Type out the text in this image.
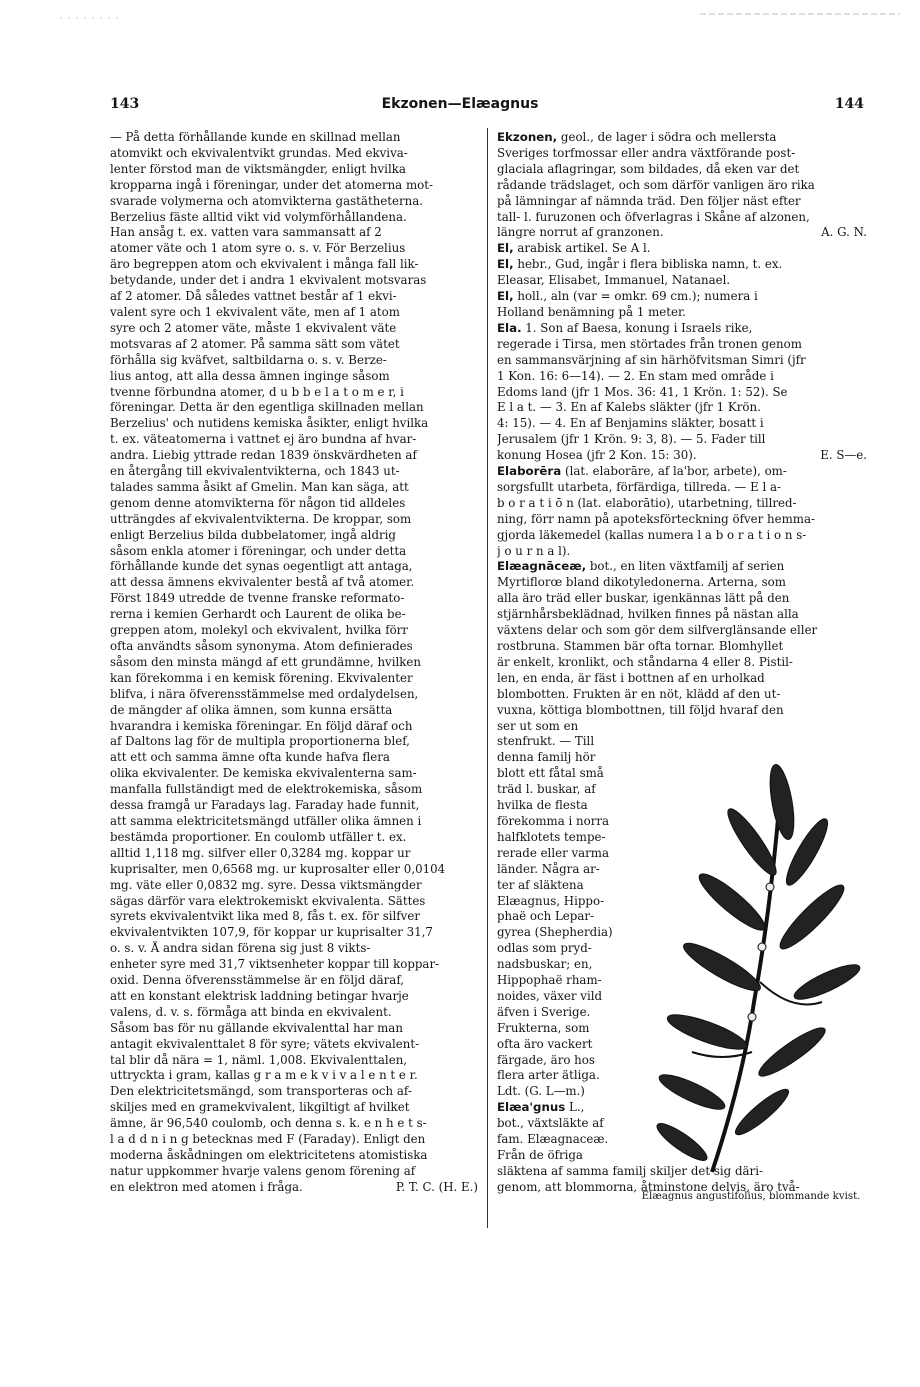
143	Ekzonen—Elæagnus	144
— På detta förhållande kunde en skillnad mellan
atomvikt och ekvivalentvikt grundas. Med ekviva-
lenter förstod man de viktsmängder, enligt hvilka
kropparna ingå i föreningar, under det atomerna mot-
svarade volymerna och atomvikterna gastätheterna.
Berzelius fäste alltid vikt vid volymförhållandena.
Han ansåg t. ex. vatten vara sammansatt af 2
atomer väte och 1 atom syre o. s. v. För Berzelius
äro begreppen atom och ekvivalent i många fall lik-
betydande, under det i andra 1 ekvivalent motsvaras
af 2 atomer. Då således vattnet består af 1 ekvi-
valent syre och 1 ekvivalent väte, men af 1 atom
syre och 2 atomer väte, måste 1 ekvivalent väte
motsvaras af 2 atomer. På samma sätt som vätet
förhålla sig kväfvet, saltbildarna o. s. v. Berze-
lius antog, att alla dessa ämnen inginge såsom
tvenne förbundna atomer, d u b b e l a t o m e r, i
föreningar. Detta är den egentliga skillnaden mellan
Berzelius' och nutidens kemiska åsikter, enligt hvilka
t. ex. väteatomerna i vattnet ej äro bundna af hvar-
andra. Liebig yttrade redan 1839 önskvärdheten af
en återgång till ekvivalentvikterna, och 1843 ut-
talades samma åsikt af Gmelin. Man kan säga, att
genom denne atomvikterna för någon tid alldeles
utträngdes af ekvivalentvikterna. De kroppar, som
enligt Berzelius bilda dubbelatomer, ingå aldrig
såsom enkla atomer i föreningar, och under detta
förhållande kunde det synas oegentligt att antaga,
att dessa ämnens ekvivalenter bestå af två atomer.
Först 1849 utredde de tvenne franske reformato-
rerna i kemien Gerhardt och Laurent de olika be-
greppen atom, molekyl och ekvivalent, hvilka förr
ofta användts såsom synonyma. Atom definierades
såsom den minsta mängd af ett grundämne, hvilken
kan förekomma i en kemisk förening. Ekvivalenter
blifva, i nära öfverensstämmelse med ordalydelsen,
de mängder af olika ämnen, som kunna ersätta
hvarandra i kemiska föreningar. En följd däraf och
af Daltons lag för de multipla proportionerna blef,
att ett och samma ämne ofta kunde hafva flera
olika ekvivalenter. De kemiska ekvivalenterna sam-
manfalla fullständigt med de elektrokemiska, såsom
dessa framgå ur Faradays lag. Faraday hade funnit,
att samma elektricitetsmängd utfäller olika ämnen i
bestämda proportioner. En coulomb utfäller t. ex.
alltid 1,118 mg. silfver eller 0,3284 mg. koppar ur
kuprisalter, men 0,6568 mg. ur kuprosalter eller 0,0104
mg. väte eller 0,0832 mg. syre. Dessa viktsmängder
sägas därför vara elektrokemiskt ekvivalenta. Sättes
syrets ekvivalentvikt lika med 8, fås t. ex. för silfver
ekvivalentvikten 107,9, för koppar ur kuprisalter 31,7
o. s. v. Å andra sidan förena sig just 8 vikts-
enheter syre med 31,7 viktsenheter koppar till koppar-
oxid. Denna öfverensstämmelse är en följd däraf,
att en konstant elektrisk laddning betingar hvarje
valens, d. v. s. förmåga att binda en ekvivalent.
Såsom bas för nu gällande ekvivalenttal har man
antagit ekvivalenttalet 8 för syre; vätets ekvivalent-
tal blir då nära = 1, näml. 1,008. Ekvivalenttalen,
uttryckta i gram, kallas g r a m e k v i v a l e n t e r.
Den elektricitetsmängd, som transporteras och af-
skiljes med en gramekvivalent, likgiltigt af hvilket
ämne, är 96,540 coulomb, och denna s. k. e n h e t s-
l a d d n i n g betecknas med F (Faraday). Enligt den
moderna åskådningen om elektricitetens atomistiska
natur uppkommer hvarje valens genom förening af
en elektron med atomen i fråga.	P. T. C. (H. E.)
Ekzonen, geol., de lager i södra och mellersta
Sveriges torfmossar eller andra växtförande post-
glaciala aflagringar, som bildades, då eken var det
rådande trädslaget, och som därför vanligen äro rika
på lämningar af nämnda träd. Den följer näst efter
tall- l. furuzonen och öfverlagras i Skåne af alzonen,
längre norrut af granzonen.	A. G. N.
El, arabisk artikel. Se A l.
El, hebr., Gud, ingår i flera bibliska namn, t. ex.
Eleasar, Elisabet, Immanuel, Natanael.
El, holl., aln (var = omkr. 69 cm.); numera i
Holland benämning på 1 meter.
Ela. 1. Son af Baesa, konung i Israels rike,
regerade i Tirsa, men störtades från tronen genom
en sammansvärjning af sin härhöfvitsman Simri (jfr
1 Kon. 16: 6—14). — 2. En stam med område i
Edoms land (jfr 1 Mos. 36: 41, 1 Krön. 1: 52). Se
E l a t. — 3. En af Kalebs släkter (jfr 1 Krön.
4: 15). — 4. En af Benjamins släkter, bosatt i
Jerusalem (jfr 1 Krön. 9: 3, 8). — 5. Fader till
konung Hosea (jfr 2 Kon. 15: 30).	E. S—e.
Elaborēra (lat. elaborāre, af la'bor, arbete), om-
sorgsfullt utarbeta, förfärdiga, tillreda. — E l a-
b o r a t i ō n (lat. elaborātio), utarbetning, tillred-
ning, förr namn på apoteksförteckning öfver hemma-
gjorda läkemedel (kallas numera l a b o r a t i o n s-
j o u r n a l).
Elæagnāceæ, bot., en liten växtfamilj af serien
Myrtiflorœ bland dikotyledonerna. Arterna, som
alla äro träd eller buskar, igenkännas lätt på den
stjärnhårsbeklädnad, hvilken finnes på nästan alla
växtens delar och som gör dem silfverglänsande eller
rostbruna. Stammen bär ofta tornar. Blomhyllet
är enkelt, kronlikt, och ståndarna 4 eller 8. Pistil-
len, en enda, är fäst i bottnen af en urholkad
blombotten. Frukten är en nöt, klädd af den ut-
vuxna, köttiga blombottnen, till följd hvaraf den
ser ut som en
stenfrukt. — Till
denna familj hör
blott ett fåtal små
träd l. buskar, af
hvilka de flesta
förekomma i norra
halfklotets tempe-
rerade eller varma
länder. Några ar-
ter af släktena
Elæagnus, Hippo-
phaë och Lepar-
gyrea (Shepherdia)
odlas som pryd-
nadsbuskar; en,
Hippophaë rham-
noides, växer vild
äfven i Sverige.
Frukterna, som
ofta äro vackert
färgade, äro hos
flera arter ätliga.
Ldt. (G. L—m.)
Elæa'gnus L.,
bot., växtsläkte af
fam. Elæagnaceæ.
Från de öfriga
släktena af samma familj skiljer det sig däri-
genom, att blommorna, åtminstone delvis, äro två-
Elæagnus angustifolius, blommande kvist.
